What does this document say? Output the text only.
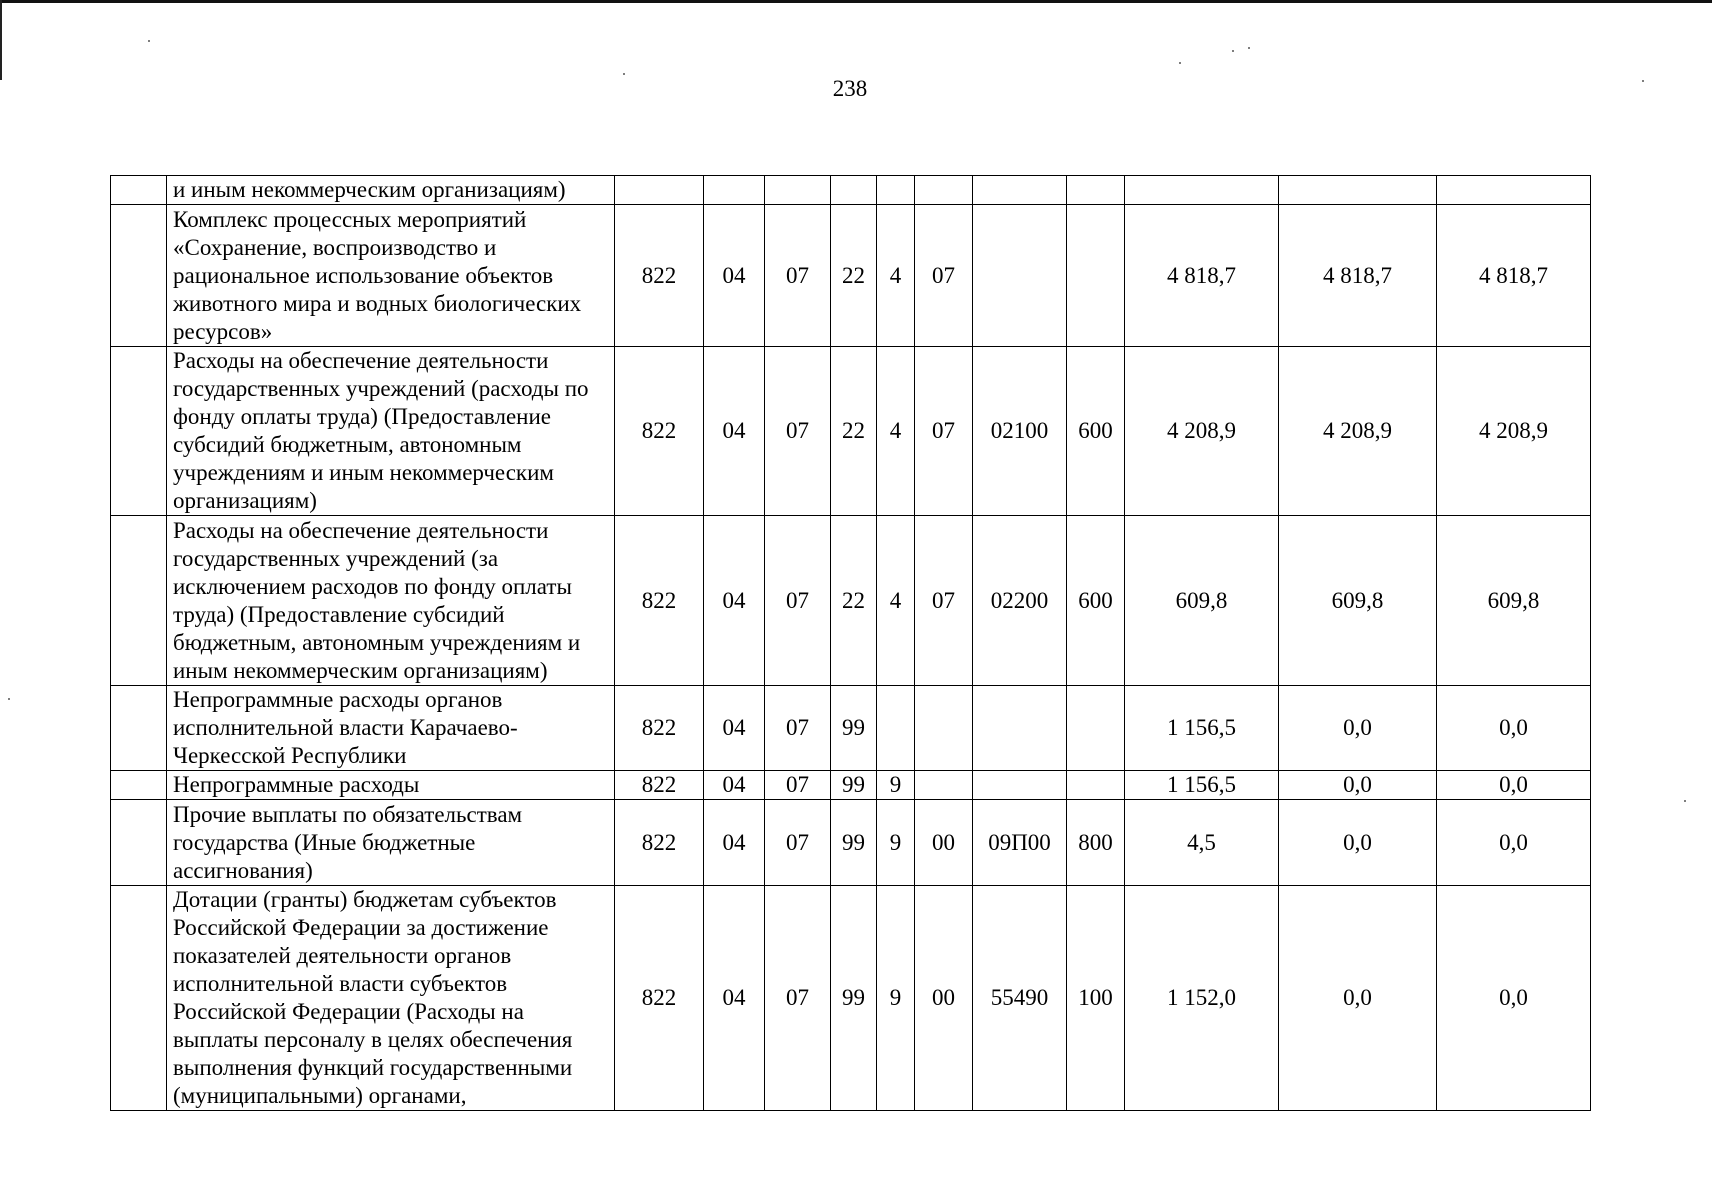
238
	и иным некоммерческим организациям)											
	Комплекс процессных мероприятий «Сохранение, воспроизводство и рациональное использование объектов животного мира и водных биологических ресурсов»	822	04	07	22	4	07			4 818,7	4 818,7	4 818,7
	Расходы на обеспечение деятельности государственных учреждений (расходы по фонду оплаты труда) (Предоставление субсидий бюджетным, автономным учреждениям и иным некоммерческим организациям)	822	04	07	22	4	07	02100	600	4 208,9	4 208,9	4 208,9
	Расходы на обеспечение деятельности государственных учреждений (за исключением расходов по фонду оплаты труда) (Предоставление субсидий бюджетным, автономным учреждениям и иным некоммерческим организациям)	822	04	07	22	4	07	02200	600	609,8	609,8	609,8
	Непрограммные расходы органов исполнительной власти Карачаево-Черкесской Республики	822	04	07	99					1 156,5	0,0	0,0
	Непрограммные расходы	822	04	07	99	9				1 156,5	0,0	0,0
	Прочие выплаты по обязательствам государства (Иные бюджетные ассигнования)	822	04	07	99	9	00	09П00	800	4,5	0,0	0,0
	Дотации (гранты) бюджетам субъектов Российской Федерации за достижение показателей деятельности органов исполнительной власти субъектов Российской Федерации (Расходы на выплаты персоналу в целях обеспечения выполнения функций государственными (муниципальными) органами,	822	04	07	99	9	00	55490	100	1 152,0	0,0	0,0
